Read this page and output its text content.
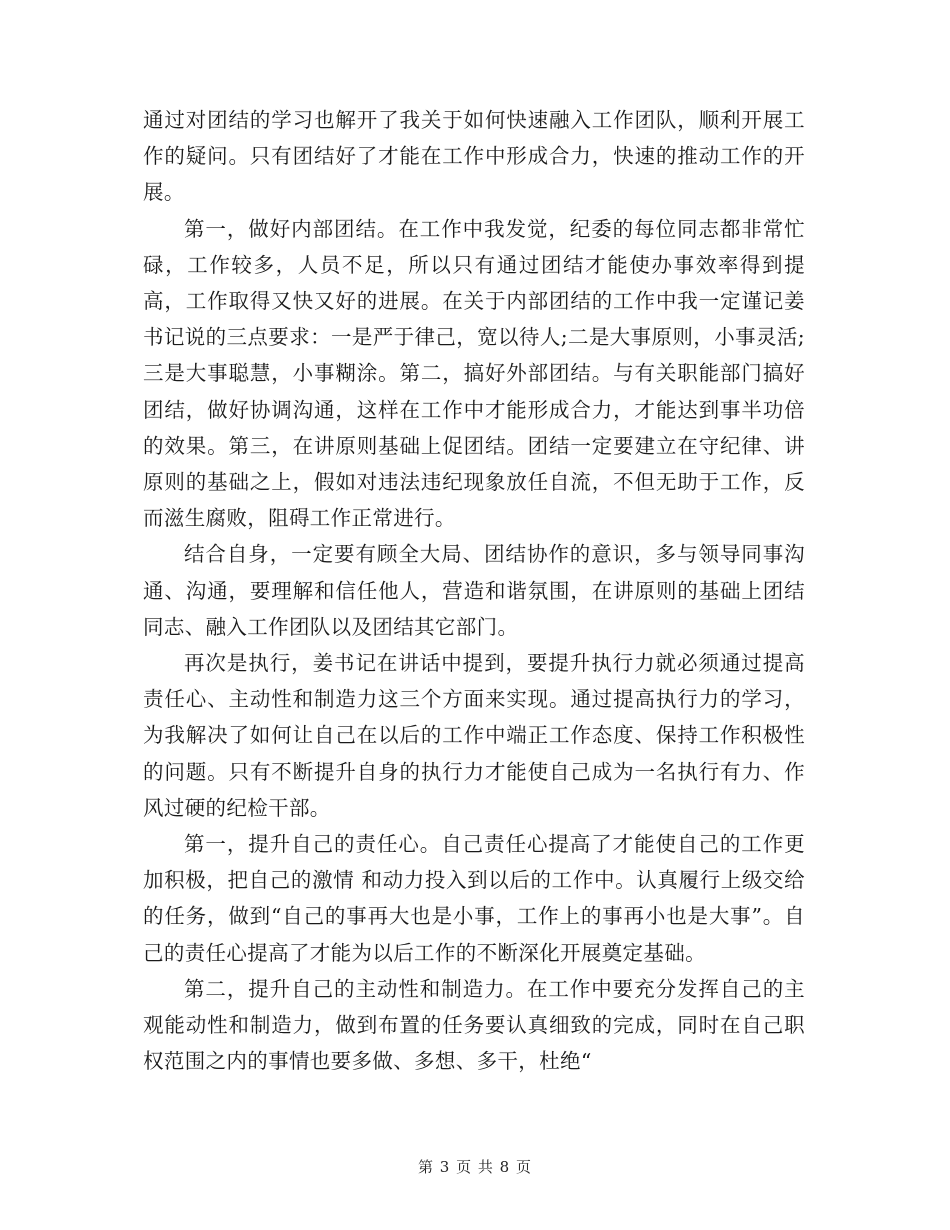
通过对团结的学习也解开了我关于如何快速融入工作团队，顺利开展工作的疑问。只有团结好了才能在工作中形成合力，快速的推动工作的开展。

第一，做好内部团结。在工作中我发觉，纪委的每位同志都非常忙碌，工作较多，人员不足，所以只有通过团结才能使办事效率得到提高，工作取得又快又好的进展。在关于内部团结的工作中我一定谨记姜书记说的三点要求：一是严于律己，宽以待人;二是大事原则，小事灵活;三是大事聪慧，小事糊涂。第二，搞好外部团结。与有关职能部门搞好团结，做好协调沟通，这样在工作中才能形成合力，才能达到事半功倍的效果。第三，在讲原则基础上促团结。团结一定要建立在守纪律、讲原则的基础之上，假如对违法违纪现象放任自流，不但无助于工作，反而滋生腐败，阻碍工作正常进行。

结合自身，一定要有顾全大局、团结协作的意识，多与领导同事沟通、沟通，要理解和信任他人，营造和谐氛围，在讲原则的基础上团结同志、融入工作团队以及团结其它部门。

再次是执行，姜书记在讲话中提到，要提升执行力就必须通过提高责任心、主动性和制造力这三个方面来实现。通过提高执行力的学习，为我解决了如何让自己在以后的工作中端正工作态度、保持工作积极性的问题。只有不断提升自身的执行力才能使自己成为一名执行有力、作风过硬的纪检干部。

第一，提升自己的责任心。自己责任心提高了才能使自己的工作更加积极，把自己的激情 和动力投入到以后的工作中。认真履行上级交给的任务，做到“自己的事再大也是小事，工作上的事再小也是大事”。自己的责任心提高了才能为以后工作的不断深化开展奠定基础。

第二，提升自己的主动性和制造力。在工作中要充分发挥自己的主观能动性和制造力，做到布置的任务要认真细致的完成，同时在自己职权范围之内的事情也要多做、多想、多干，杜绝“

第 3 页 共 8 页
